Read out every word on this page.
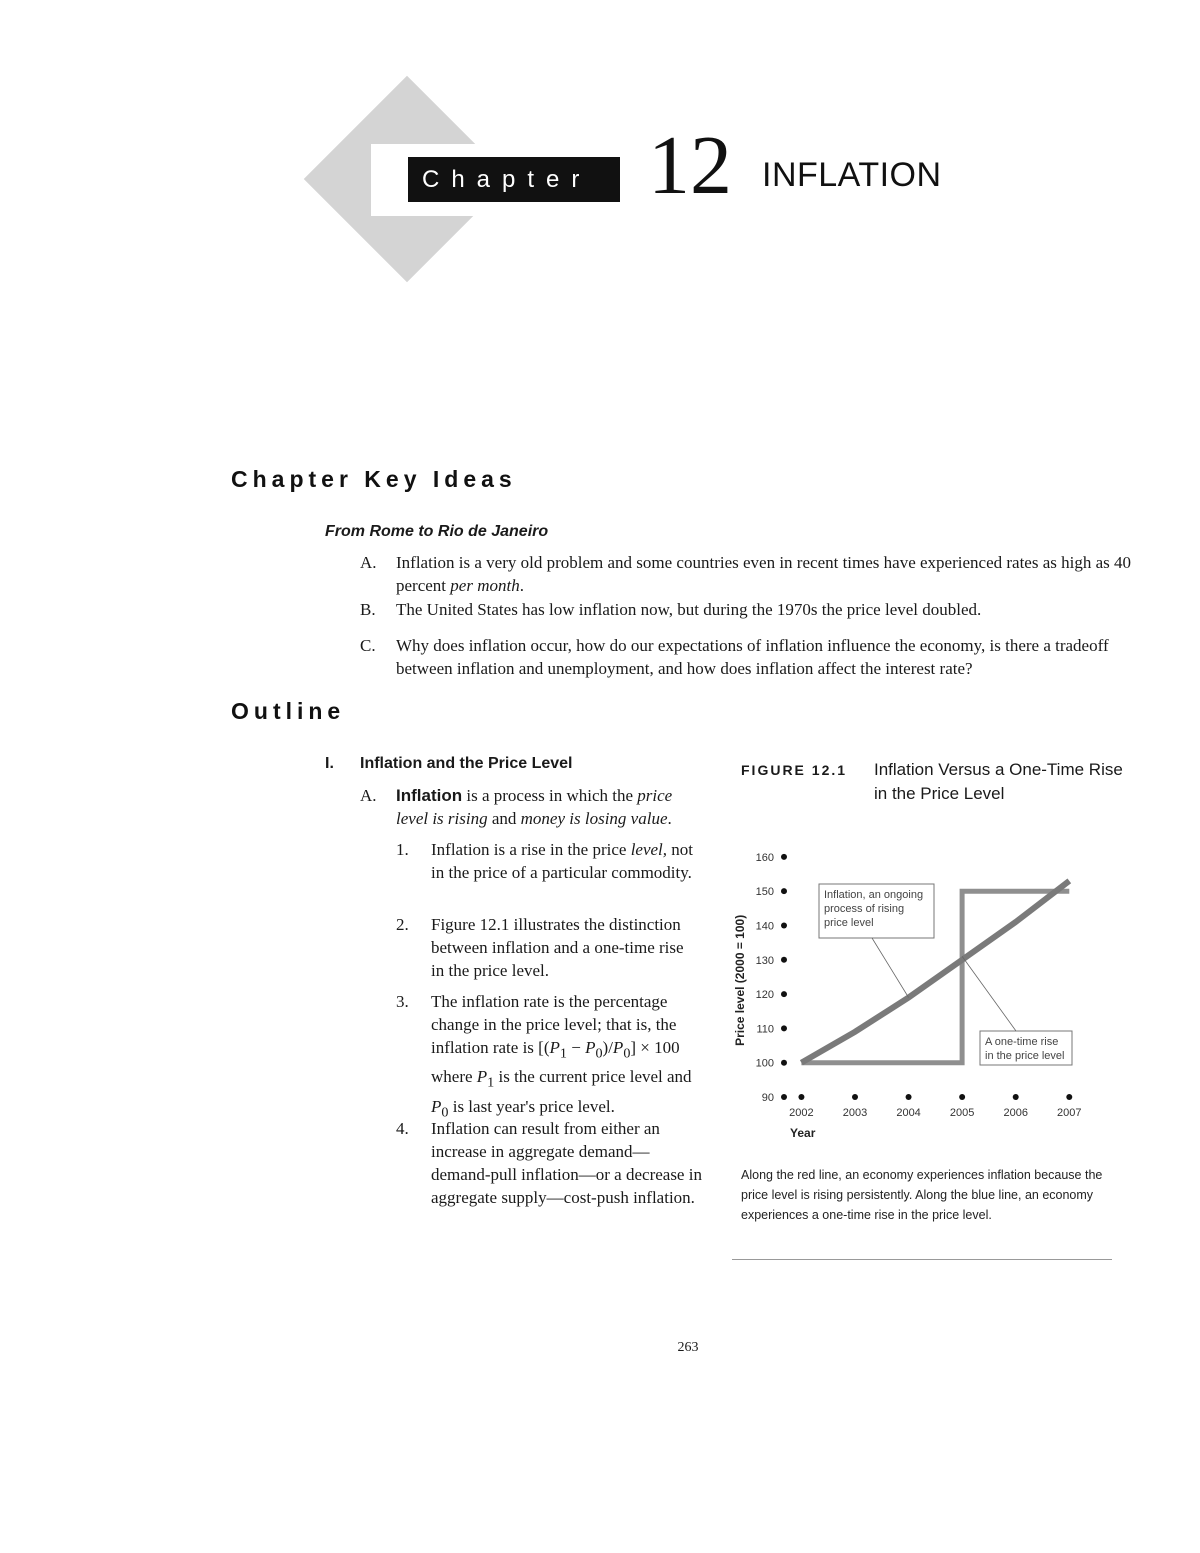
Chapter 12 INFLATION
Chapter Key Ideas
From Rome to Rio de Janeiro
A. Inflation is a very old problem and some countries even in recent times have experienced rates as high as 40 percent per month.
B. The United States has low inflation now, but during the 1970s the price level doubled.
C. Why does inflation occur, how do our expectations of inflation influence the economy, is there a tradeoff between inflation and unemployment, and how does inflation affect the interest rate?
Outline
I. Inflation and the Price Level
A. Inflation is a process in which the price level is rising and money is losing value.
1. Inflation is a rise in the price level, not in the price of a particular commodity.
2. Figure 12.1 illustrates the distinction between inflation and a one-time rise in the price level.
3. The inflation rate is the percentage change in the price level; that is, the inflation rate is $[(P_1 - P_0)/P_0] \times 100$ where $P_1$ is the current price level and $P_0$ is last year's price level.
4. Inflation can result from either an increase in aggregate demand—demand-pull inflation—or a decrease in aggregate supply—cost-push inflation.
FIGURE 12.1 Inflation Versus a One-Time Rise in the Price Level
90
100
110
120
130
140
150
160
2002	2003	2004	2005	2006	2007
Year
Price level (2000 = 100)
Inflation, an ongoing
process of rising
price level
A one-time rise
in the price level
Along the red line, an economy experiences inflation because the price level is rising persistently. Along the blue line, an economy experiences a one-time rise in the price level.
263
